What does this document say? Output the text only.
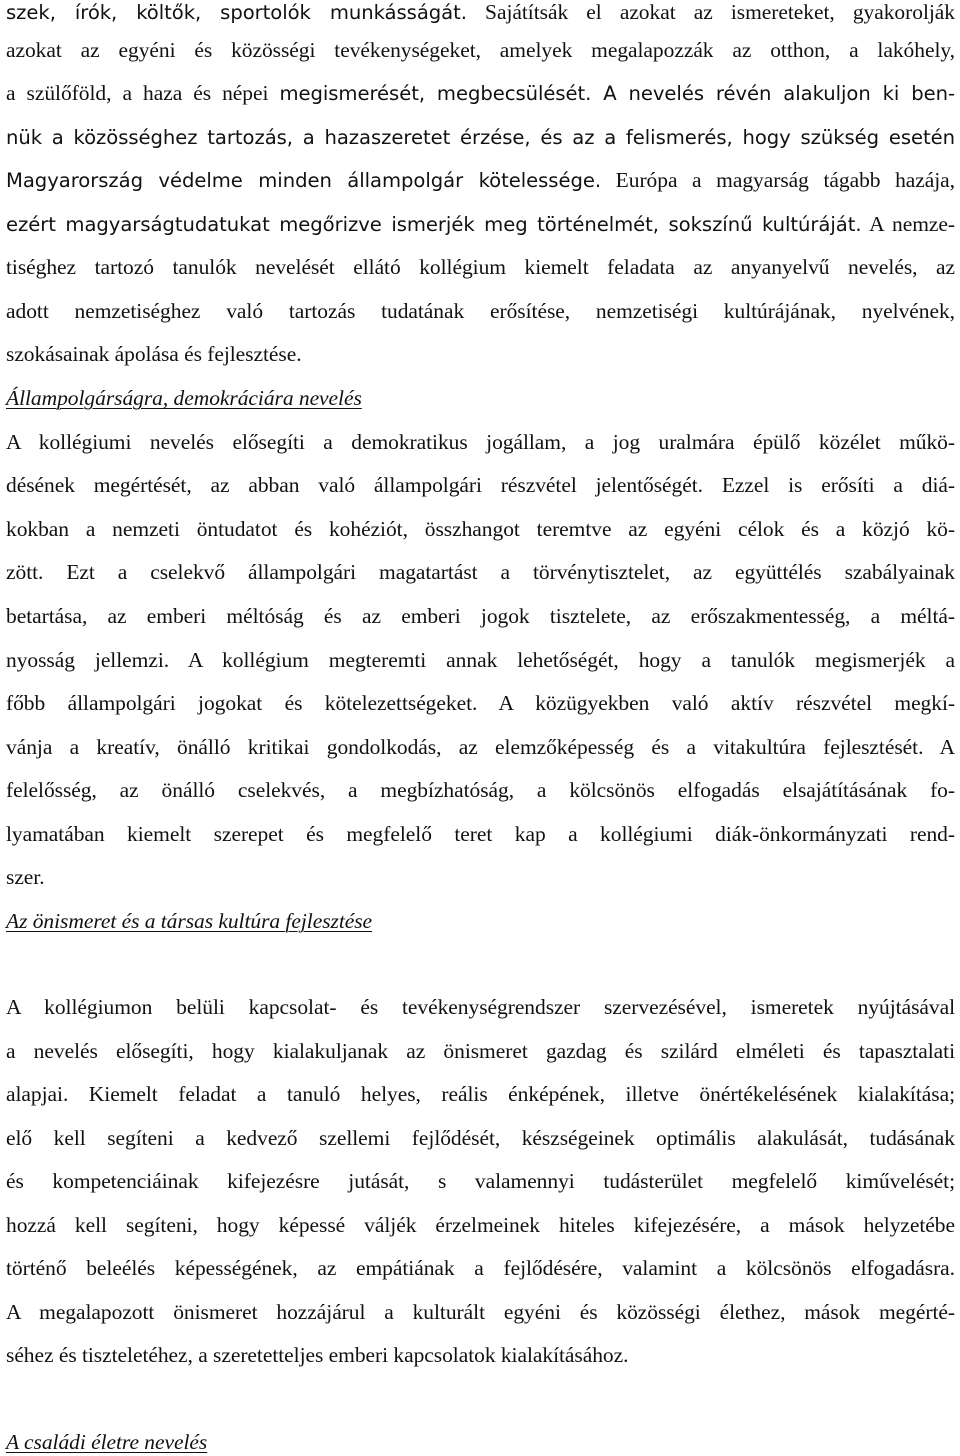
szek, írók, költők, sportolók munkásságát. Sajátítsák el azokat az ismereteket, gyakorolják
azokat az egyéni és közösségi tevékenységeket, amelyek megalapozzák az otthon, a lakóhely,
a szülőföld, a haza és népei megismerését, megbecsülését. A nevelés révén alakuljon ki ben-
nük a közösséghez tartozás, a hazaszeretet érzése, és az a felismerés, hogy szükség esetén
Magyarország védelme minden állampolgár kötelessége. Európa a magyarság tágabb hazája,
ezért magyarságtudatukat megőrizve ismerjék meg történelmét, sokszínű kultúráját. A nemze-
tiséghez tartozó tanulók nevelését ellátó kollégium kiemelt feladata az anyanyelvű nevelés, az
adott nemzetiséghez való tartozás tudatának erősítése, nemzetiségi kultúrájának, nyelvének,
szokásainak ápolása és fejlesztése.
Állampolgárságra, demokráciára nevelés
A kollégiumi nevelés elősegíti a demokratikus jogállam, a jog uralmára épülő közélet műkö-
désének megértését, az abban való állampolgári részvétel jelentőségét. Ezzel is erősíti a diá-
kokban a nemzeti öntudatot és kohéziót, összhangot teremtve az egyéni célok és a közjó kö-
zött. Ezt a cselekvő állampolgári magatartást a törvénytisztelet, az együttélés szabályainak
betartása, az emberi méltóság és az emberi jogok tisztelete, az erőszakmentesség, a méltá-
nyosság jellemzi. A kollégium megteremti annak lehetőségét, hogy a tanulók megismerjék a
főbb állampolgári jogokat és kötelezettségeket. A közügyekben való aktív részvétel megkí-
vánja a kreatív, önálló kritikai gondolkodás, az elemzőképesség és a vitakultúra fejlesztését. A
felelősség, az önálló cselekvés, a megbízhatóság, a kölcsönös elfogadás elsajátításának fo-
lyamatában kiemelt szerepet és megfelelő teret kap a kollégiumi diák-önkormányzati rend-
szer.
Az önismeret és a társas kultúra fejlesztése
A kollégiumon belüli kapcsolat- és tevékenységrendszer szervezésével, ismeretek nyújtásával
a nevelés elősegíti, hogy kialakuljanak az önismeret gazdag és szilárd elméleti és tapasztalati
alapjai. Kiemelt feladat a tanuló helyes, reális énképének, illetve önértékelésének kialakítása;
elő kell segíteni a kedvező szellemi fejlődését, készségeinek optimális alakulását, tudásának
és kompetenciáinak kifejezésre jutását, s valamennyi tudásterület megfelelő kiművelését;
hozzá kell segíteni, hogy képessé váljék érzelmeinek hiteles kifejezésére, a mások helyzetébe
történő beleélés képességének, az empátiának a fejlődésére, valamint a kölcsönös elfogadásra.
A megalapozott önismeret hozzájárul a kulturált egyéni és közösségi élethez, mások megérté-
séhez és tiszteletéhez, a szeretetteljes emberi kapcsolatok kialakításához.
A családi életre nevelés
